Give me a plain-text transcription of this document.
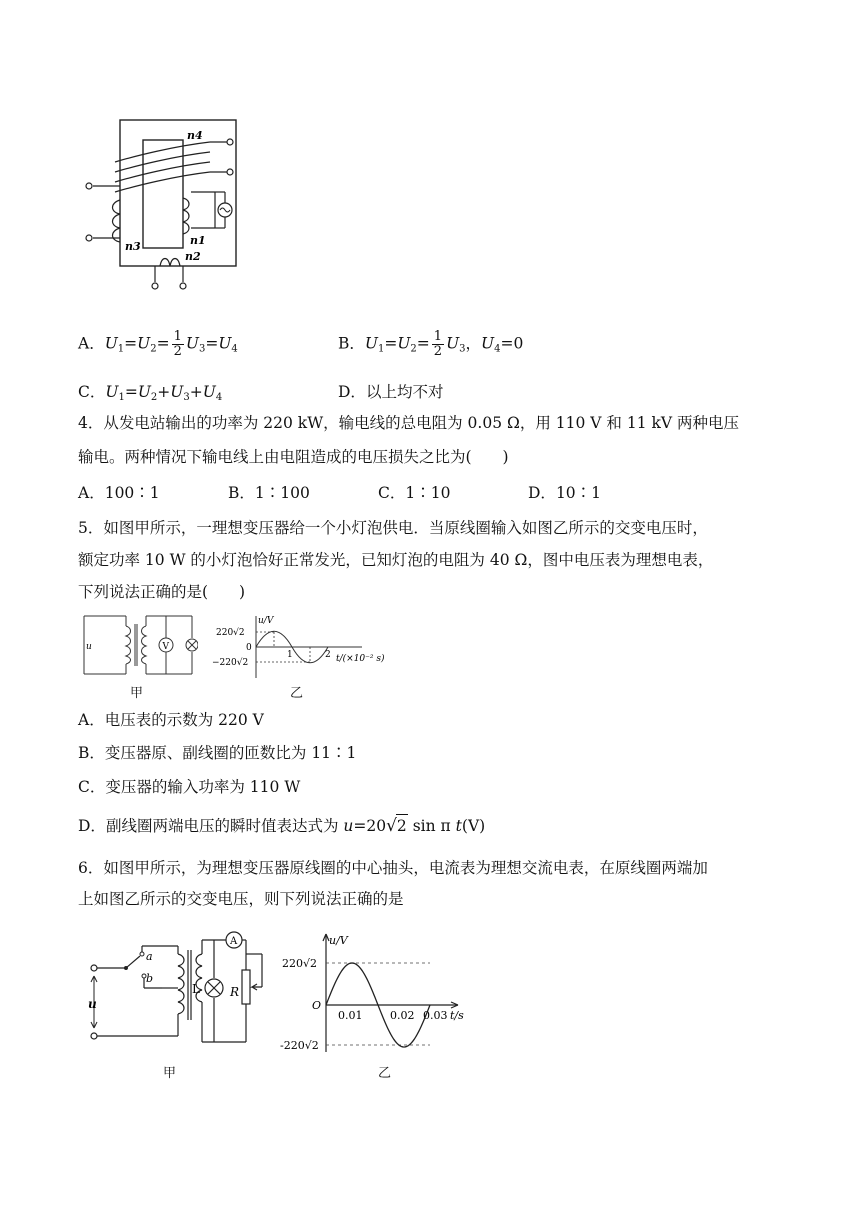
n4
n3	n1
n2
A．$U_1=U_2= \frac{1}{2} U_3=U_4$	B．$U_1=U_2= \frac{1}{2} U_3$，$U_4=0$
C．$U_1=U_2+U_3+U_4$	D．以上均不对
4．从发电站输出的功率为 220 kW，输电线的总电阻为 0.05 Ω，用 110 V 和 11 kV 两种电压
输电。两种情况下输电线上由电阻造成的电压损失之比为(　　)
A．100∶1	B．1∶100	C．1∶10	D．10∶1
5．如图甲所示，一理想变压器给一个小灯泡供电．当原线圈输入如图乙所示的交变电压时，
额定功率 10 W 的小灯泡恰好正常发光，已知灯泡的电阻为 40 Ω，图中电压表为理想电表，
下列说法正确的是(　　)
V
. u
甲
u/V
220√2
0
−220√2
1	2 t/(×10⁻² s)
乙
A．电压表的示数为 220 V
B．变压器原、副线圈的匝数比为 11∶1
C．变压器的输入功率为 110 W
D．副线圈两端电压的瞬时值表达式为 u=20√2 sin π t(V)
6．如图甲所示，为理想变压器原线圈的中心抽头，电流表为理想交流电表，在原线圈两端加
上如图乙所示的交变电压，则下列说法正确的是
a
b
u
L
A
R
甲
u/V
220√2
O
-220√2
0.01	0.02 0.03 t/s
乙
